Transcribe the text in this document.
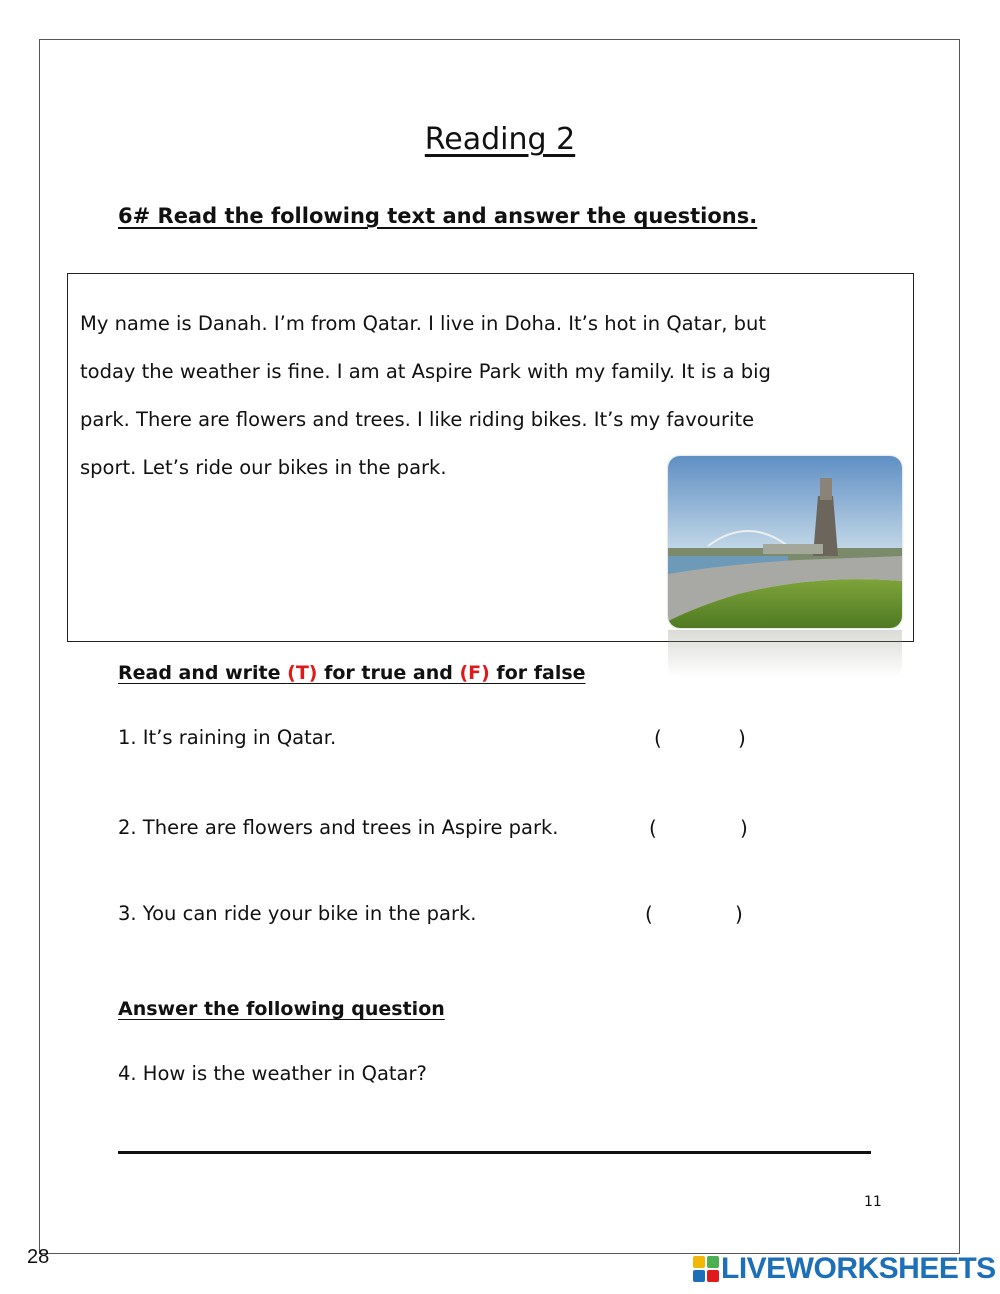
Reading 2
6# Read the following text and answer the questions.
My name is Danah. I’m from Qatar. I live in Doha. It’s hot in Qatar, but
today the weather is fine. I am at Aspire Park with my family. It is a big
park. There are flowers and trees. I like riding bikes. It’s my favourite
sport. Let’s ride our bikes in the park.
Read and write (T) for true and (F) for false
1. It’s raining in Qatar.	(	)
2. There are flowers and trees in Aspire park.	(	)
3. You can ride your bike in the park.	(	)
Answer the following question
4. How is the weather in Qatar?
11
28	LIVEWORKSHEETS
